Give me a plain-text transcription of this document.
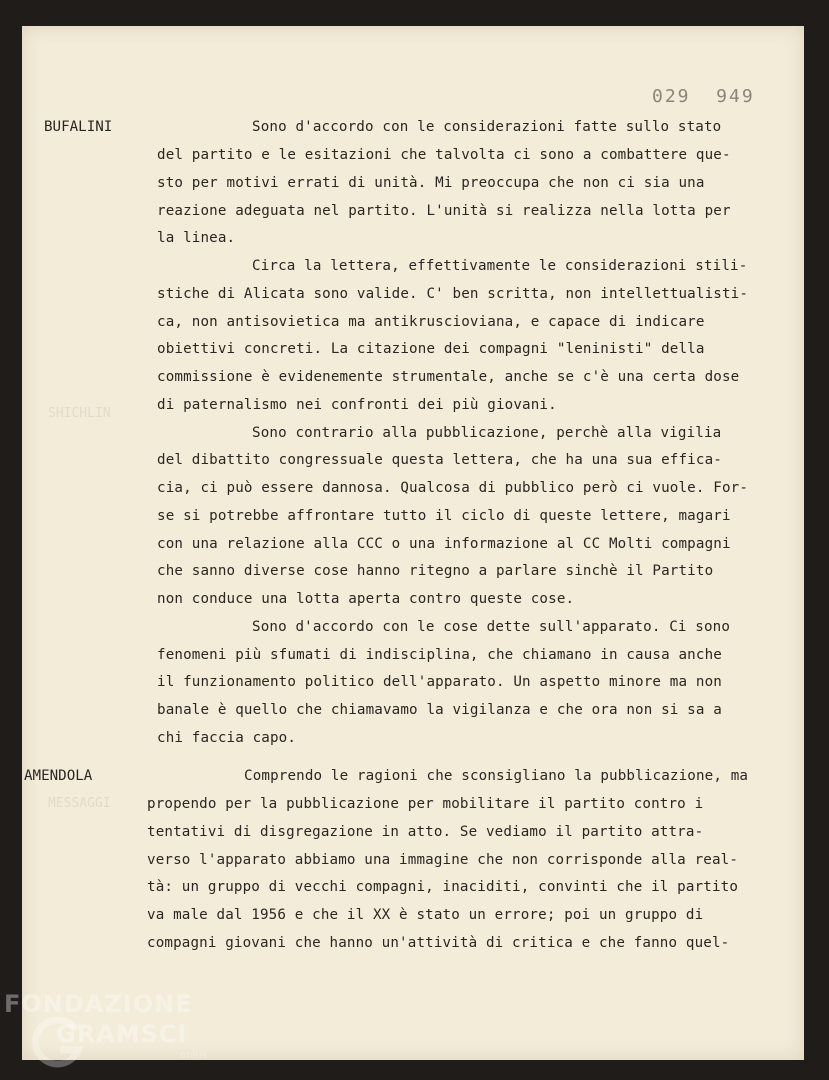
029  949
SHICHLIN
MESSAGGI
BUFALINI
AMENDOLA
Sono d'accordo con le considerazioni fatte sullo stato
del partito e le esitazioni che talvolta ci sono a combattere que-
sto per motivi errati di unità. Mi preoccupa che non ci sia una
reazione adeguata nel partito. L'unità si realizza nella lotta per
la linea.
Circa la lettera, effettivamente le considerazioni stili-
stiche di Alicata sono valide. C' ben scritta, non intellettualisti-
ca, non antisovietica ma antikruscioviana, e capace di indicare
obiettivi concreti. La citazione dei compagni "leninisti" della
commissione è evidenemente strumentale, anche se c'è una certa dose
di paternalismo nei confronti dei più giovani.
Sono contrario alla pubblicazione, perchè alla vigilia
del dibattito congressuale questa lettera, che ha una sua effica-
cia, ci può essere dannosa. Qualcosa di pubblico però ci vuole. For-
se si potrebbe affrontare tutto il ciclo di queste lettere, magari
con una relazione alla CCC o una informazione al CC Molti compagni
che sanno diverse cose hanno ritegno a parlare sinchè il Partito
non conduce una lotta aperta contro queste cose.
Sono d'accordo con le cose dette sull'apparato. Ci sono
fenomeni più sfumati di indisciplina, che chiamano in causa anche
il funzionamento politico dell'apparato. Un aspetto minore ma non
banale è quello che chiamavamo la vigilanza e che ora non si sa a
chi faccia capo.
Comprendo le ragioni che sconsigliano la pubblicazione, ma
propendo per la pubblicazione per mobilitare il partito contro i
tentativi di disgregazione in atto. Se vediamo il partito attra-
verso l'apparato abbiamo una immagine che non corrisponde alla real-
tà: un gruppo di vecchi compagni, inaciditi, convinti che il partito
va male dal 1956 e che il XX è stato un errore; poi un gruppo di
compagni giovani che hanno un'attività di critica e che fanno quel-
FONDAZIONE
GRAMSCI
onlus
